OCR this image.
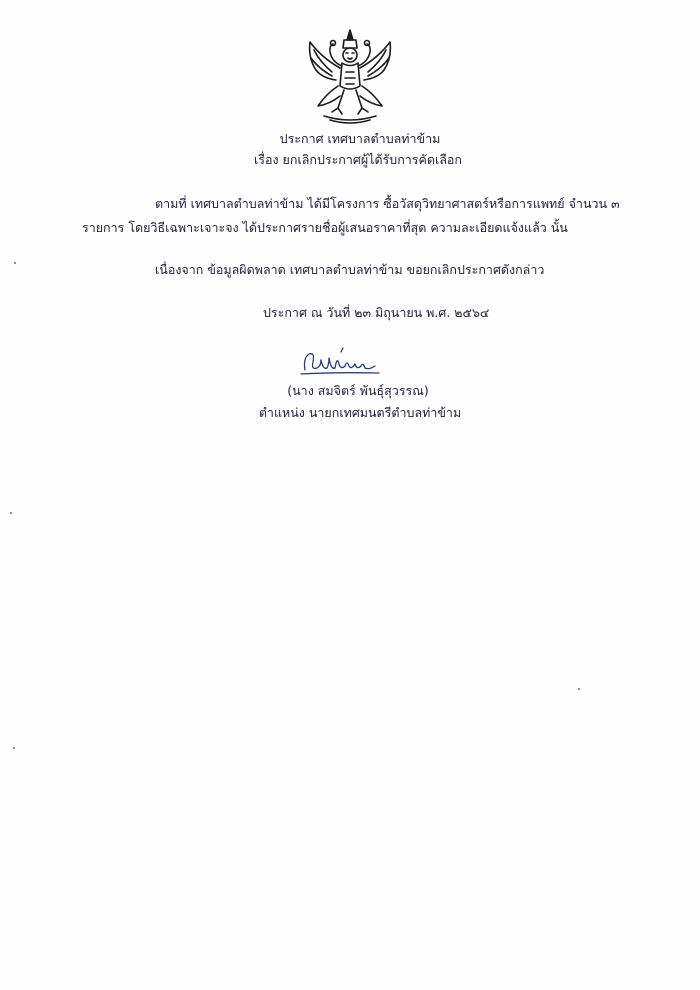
ประกาศ เทศบาลตำบลท่าข้าม
เรื่อง ยกเลิกประกาศผู้ได้รับการคัดเลือก
ตามที่ เทศบาลตำบลท่าข้าม ได้มีโครงการ ซื้อวัสดุวิทยาศาสตร์หรือการแพทย์ จำนวน ๓
รายการ โดยวิธีเฉพาะเจาะจง ได้ประกาศรายชื่อผู้เสนอราคาที่สุด ความละเอียดแจ้งแล้ว นั้น
เนื่องจาก ข้อมูลผิดพลาด เทศบาลตำบลท่าข้าม ขอยกเลิกประกาศดังกล่าว
ประกาศ ณ วันที่ ๒๓ มิถุนายน พ.ศ. ๒๕๖๔
(นาง สมจิตร์ พันธุ์สุวรรณ)
ตำแหน่ง นายกเทศมนตรีตำบลท่าข้าม
